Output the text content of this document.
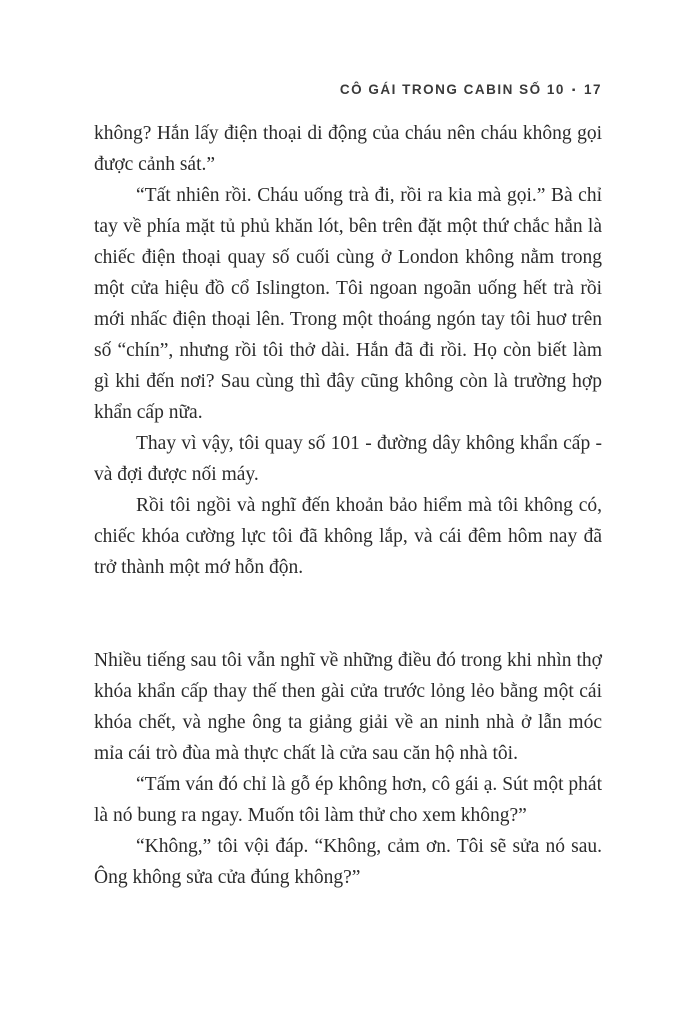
CÔ GÁI TRONG CABIN SỐ 10 ▪ 17

không? Hắn lấy điện thoại di động của cháu nên cháu không gọi được cảnh sát.”

“Tất nhiên rồi. Cháu uống trà đi, rồi ra kia mà gọi.” Bà chỉ tay về phía mặt tủ phủ khăn lót, bên trên đặt một thứ chắc hẳn là chiếc điện thoại quay số cuối cùng ở London không nằm trong một cửa hiệu đồ cổ Islington. Tôi ngoan ngoãn uống hết trà rồi mới nhấc điện thoại lên. Trong một thoáng ngón tay tôi huơ trên số “chín”, nhưng rồi tôi thở dài. Hắn đã đi rồi. Họ còn biết làm gì khi đến nơi? Sau cùng thì đây cũng không còn là trường hợp khẩn cấp nữa.

Thay vì vậy, tôi quay số 101 - đường dây không khẩn cấp - và đợi được nối máy.

Rồi tôi ngồi và nghĩ đến khoản bảo hiểm mà tôi không có, chiếc khóa cường lực tôi đã không lắp, và cái đêm hôm nay đã trở thành một mớ hỗn độn.

Nhiều tiếng sau tôi vẫn nghĩ về những điều đó trong khi nhìn thợ khóa khẩn cấp thay thế then gài cửa trước lỏng lẻo bằng một cái khóa chết, và nghe ông ta giảng giải về an ninh nhà ở lẫn móc mỉa cái trò đùa mà thực chất là cửa sau căn hộ nhà tôi.

“Tấm ván đó chỉ là gỗ ép không hơn, cô gái ạ. Sút một phát là nó bung ra ngay. Muốn tôi làm thử cho xem không?”

“Không,” tôi vội đáp. “Không, cảm ơn. Tôi sẽ sửa nó sau. Ông không sửa cửa đúng không?”
